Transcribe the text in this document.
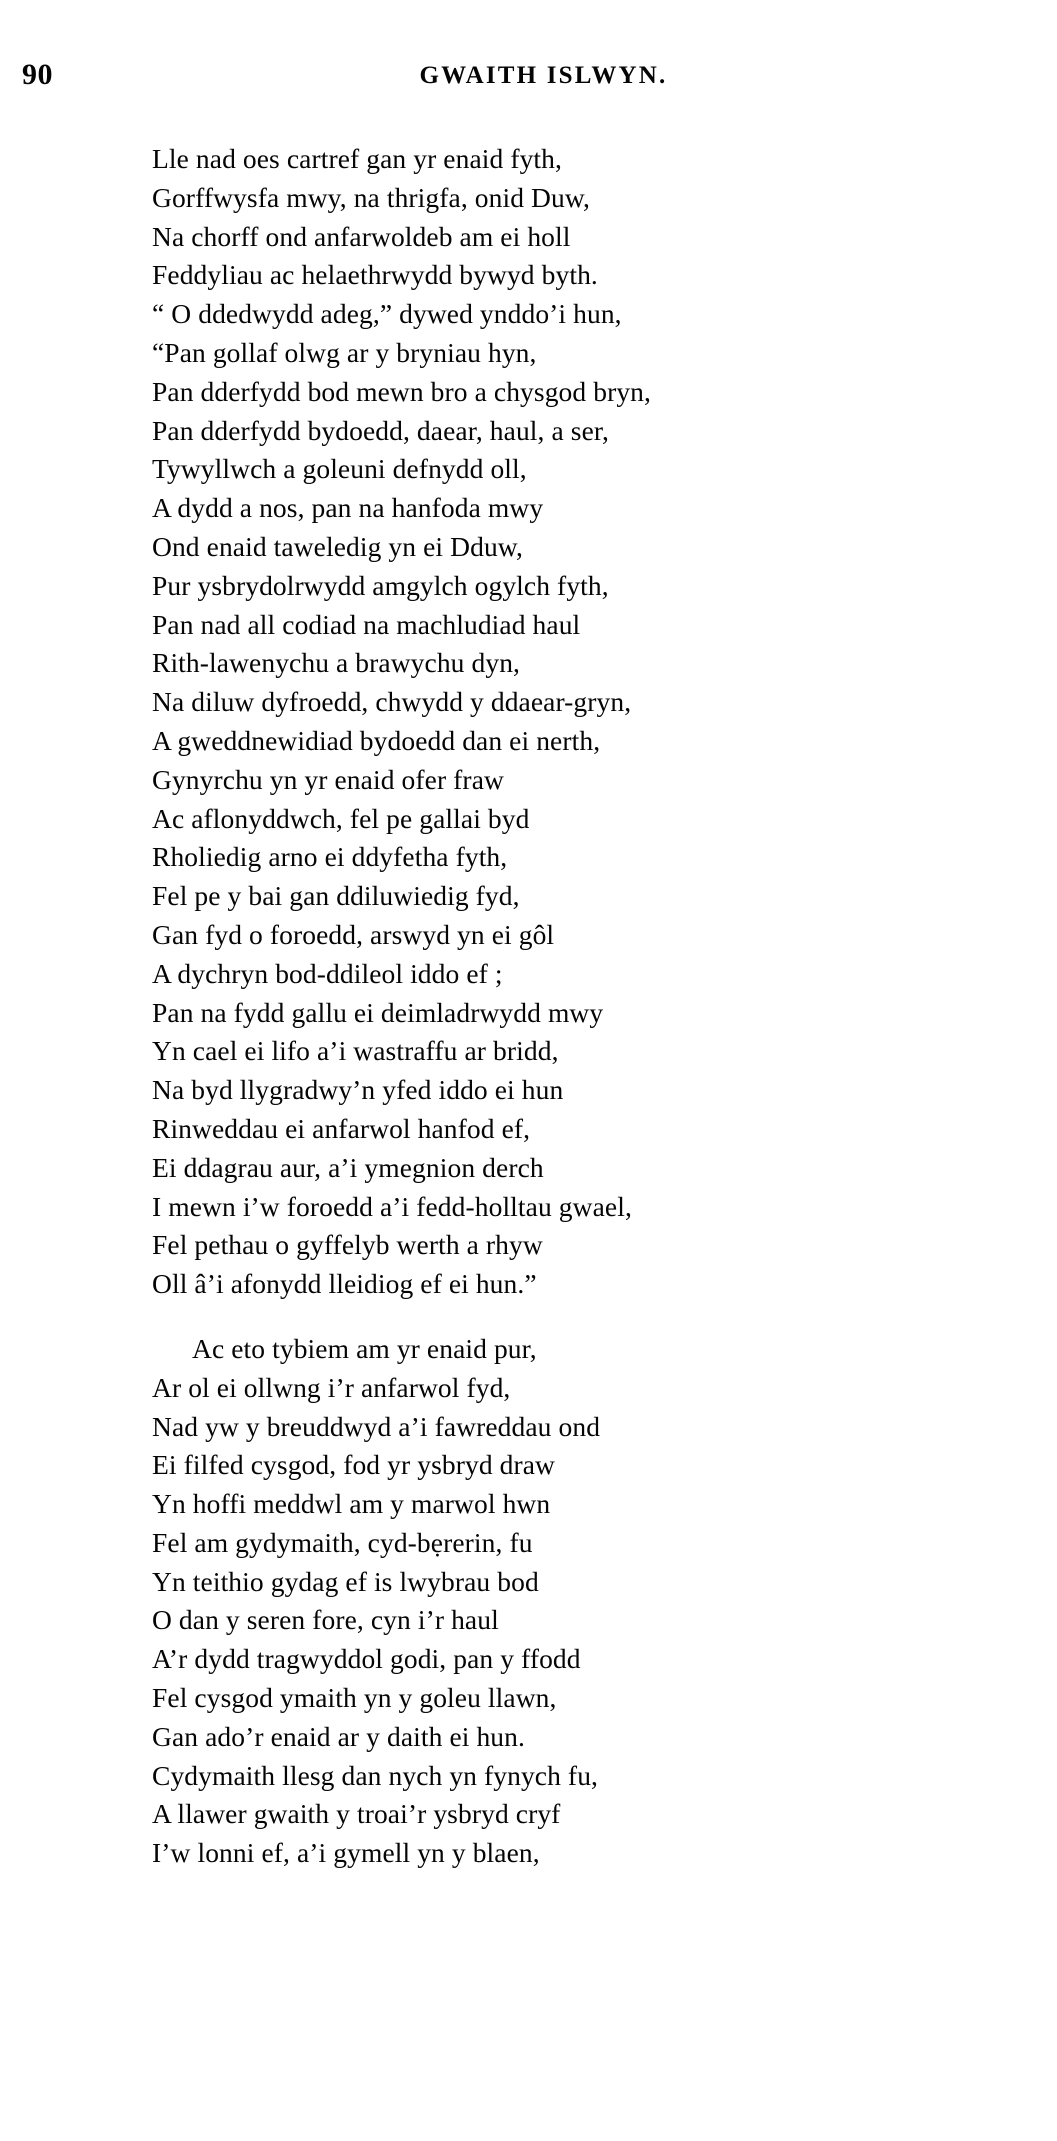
90	GWAITH ISLWYN.
Lle nad oes cartref gan yr enaid fyth,
Gorffwysfa mwy, na thrigfa, onid Duw,
Na chorff ond anfarwoldeb am ei holl
Feddyliau ac helaethrwydd bywyd byth.
“ O ddedwydd adeg,” dywed ynddo’i hun,
“Pan gollaf olwg ar y bryniau hyn,
Pan dderfydd bod mewn bro a chysgod bryn,
Pan dderfydd bydoedd, daear, haul, a ser,
Tywyllwch a goleuni defnydd oll,
A dydd a nos, pan na hanfoda mwy
Ond enaid taweledig yn ei Dduw,
Pur ysbrydolrwydd amgylch ogylch fyth,
Pan nad all codiad na machludiad haul
Rith-lawenychu a brawychu dyn,
Na diluw dyfroedd, chwydd y ddaear-gryn,
A gweddnewidiad bydoedd dan ei nerth,
Gynyrchu yn yr enaid ofer fraw
Ac aflonyddwch, fel pe gallai byd
Rholiedig arno ei ddyfetha fyth,
Fel pe y bai gan ddiluwiedig fyd,
Gan fyd o foroedd, arswyd yn ei gôl
A dychryn bod-ddileol iddo ef ;
Pan na fydd gallu ei deimladrwydd mwy
Yn cael ei lifo a’i wastraffu ar bridd,
Na byd llygradwy’n yfed iddo ei hun
Rinweddau ei anfarwol hanfod ef,
Ei ddagrau aur, a’i ymegnion derch
I mewn i’w foroedd a’i fedd-holltau gwael,
Fel pethau o gyffelyb werth a rhyw
Oll â’i afonydd lleidiog ef ei hun.”
Ac eto tybiem am yr enaid pur,
Ar ol ei ollwng i’r anfarwol fyd,
Nad yw y breuddwyd a’i fawreddau ond
Ei filfed cysgod, fod yr ysbryd draw
Yn hoffi meddwl am y marwol hwn
Fel am gydymaith, cyd-bẹrerin, fu
Yn teithio gydag ef is lwybrau bod
O dan y seren fore, cyn i’r haul
A’r dydd tragwyddol godi, pan y ffodd
Fel cysgod ymaith yn y goleu llawn,
Gan ado’r enaid ar y daith ei hun.
Cydymaith llesg dan nych yn fynych fu,
A llawer gwaith y troai’r ysbryd cryf
I’w lonni ef, a’i gymell yn y blaen,
